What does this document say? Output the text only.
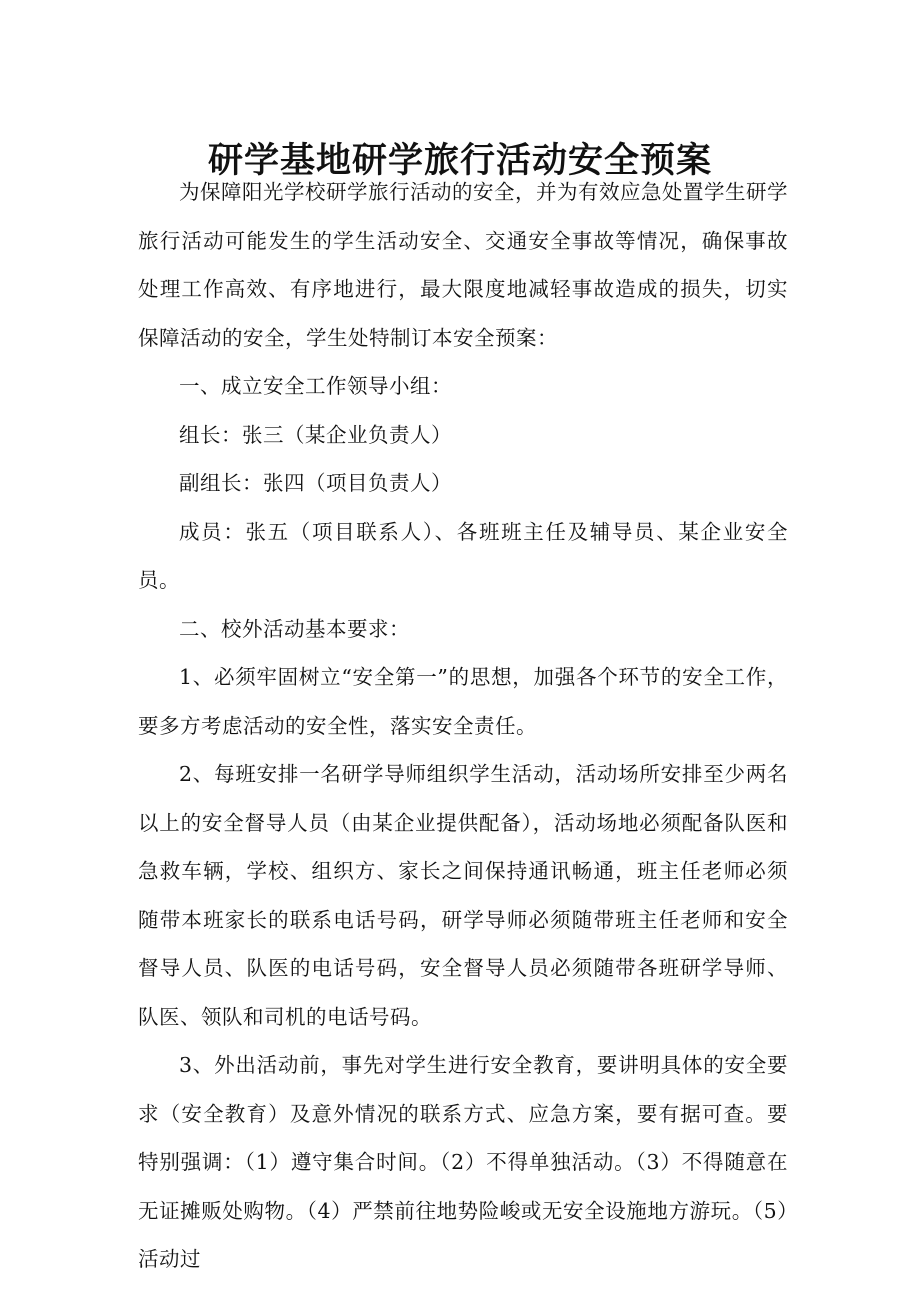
研学基地研学旅行活动安全预案

为保障阳光学校研学旅行活动的安全，并为有效应急处置学生研学旅行活动可能发生的学生活动安全、交通安全事故等情况，确保事故处理工作高效、有序地进行，最大限度地减轻事故造成的损失，切实保障活动的安全，学生处特制订本安全预案：

一、成立安全工作领导小组：

组长：张三（某企业负责人）

副组长：张四（项目负责人）

成员：张五（项目联系人）、各班班主任及辅导员、某企业安全员。

二、校外活动基本要求：

1、必须牢固树立“安全第一”的思想，加强各个环节的安全工作，要多方考虑活动的安全性，落实安全责任。

2、每班安排一名研学导师组织学生活动，活动场所安排至少两名以上的安全督导人员（由某企业提供配备），活动场地必须配备队医和急救车辆，学校、组织方、家长之间保持通讯畅通，班主任老师必须随带本班家长的联系电话号码，研学导师必须随带班主任老师和安全督导人员、队医的电话号码，安全督导人员必须随带各班研学导师、队医、领队和司机的电话号码。

3、外出活动前，事先对学生进行安全教育，要讲明具体的安全要求（安全教育）及意外情况的联系方式、应急方案，要有据可查。要特别强调：（1）遵守集合时间。（2）不得单独活动。（3）不得随意在无证摊贩处购物。（4）严禁前往地势险峻或无安全设施地方游玩。（5）活动过
